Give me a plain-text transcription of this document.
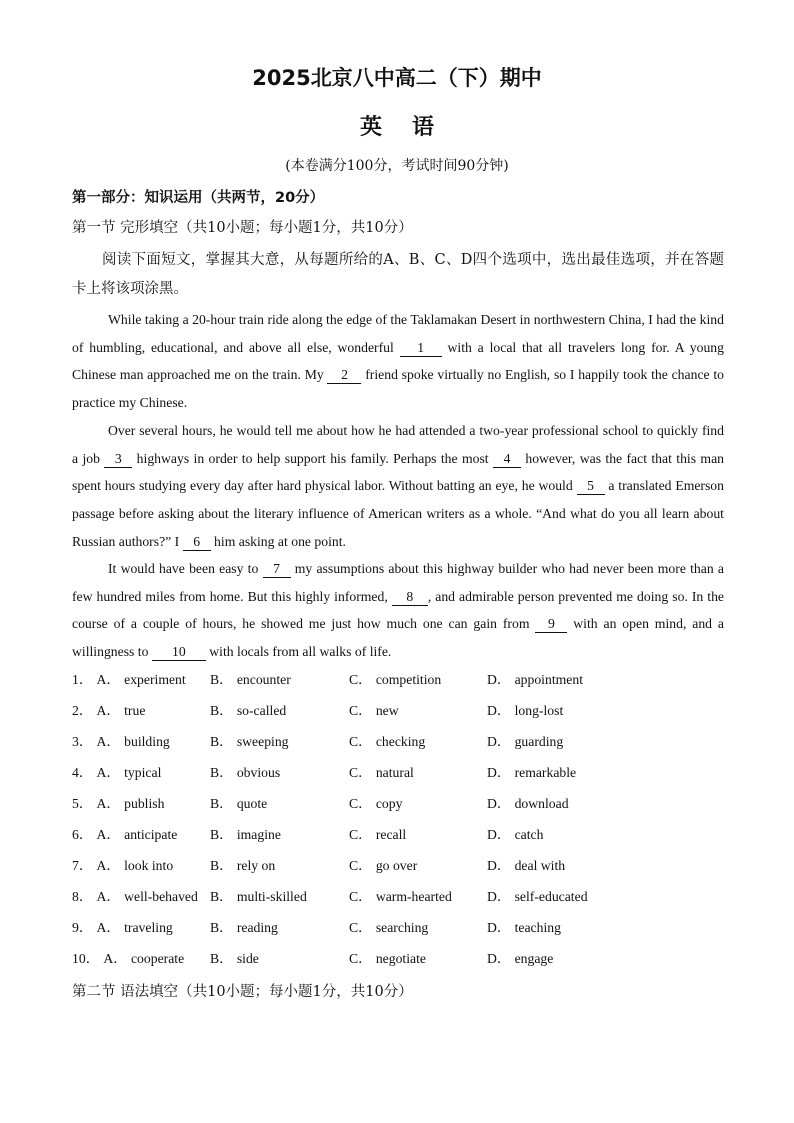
2025北京八中高二（下）期中
英语
(本卷满分100分，考试时间90分钟)
第一部分：知识运用（共两节，20分）
第一节 完形填空（共10小题；每小题1分，共10分）
阅读下面短文，掌握其大意，从每题所给的A、B、C、D四个选项中，选出最佳选项，并在答题卡上将该项涂黑。
While taking a 20-hour train ride along the edge of the Taklamakan Desert in northwestern China, I had the kind of humbling, educational, and above all else, wonderful 1 with a local that all travelers long for. A young Chinese man approached me on the train. My 2 friend spoke virtually no English, so I happily took the chance to practice my Chinese.
Over several hours, he would tell me about how he had attended a two-year professional school to quickly find a job 3 highways in order to help support his family. Perhaps the most 4 however, was the fact that this man spent hours studying every day after hard physical labor. Without batting an eye, he would 5 a translated Emerson passage before asking about the literary influence of American writers as a whole. “And what do you all learn about Russian authors?” I 6 him asking at one point.
It would have been easy to 7 my assumptions about this highway builder who had never been more than a few hundred miles from home. But this highly informed, 8 , and admirable person prevented me doing so. In the course of a couple of hours, he showed me just how much one can gain from 9 with an open mind, and a willingness to 10 with locals from all walks of life.
1． A． experiment B． encounter	C． competition	D． appointment
2． A． true	B． so-called	C． new	D． long-lost
3． A． building	B． sweeping	C． checking	D． guarding
4． A． typical	B． obvious	C． natural	D． remarkable
5． A． publish	B． quote	C． copy	D． download
6． A． anticipate B． imagine	C． recall	D． catch
7． A． look into	B． rely on	C． go over	D． deal with
8． A． well-behaved B． multi-skilled	C． warm-hearted	D． self-educated
9． A． traveling	B． reading	C． searching	D． teaching
10． A． cooperate B． side	C． negotiate	D． engage
第二节 语法填空（共10小题；每小题1分，共10分）
